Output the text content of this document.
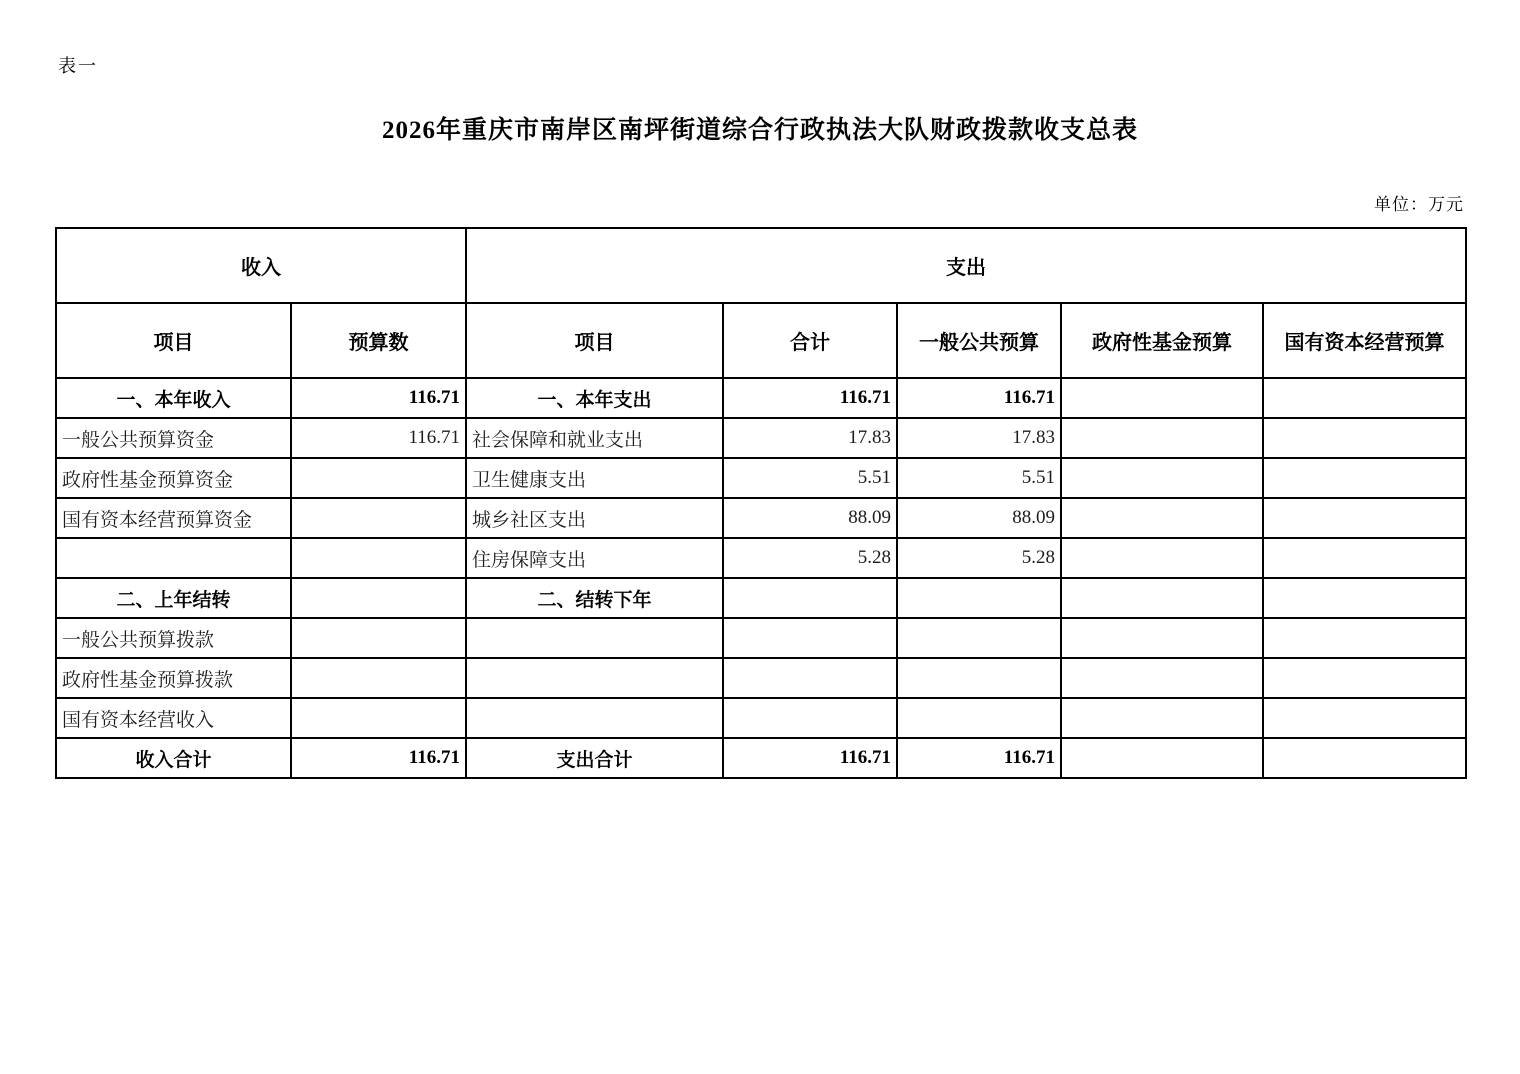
表一
2026年重庆市南岸区南坪街道综合行政执法大队财政拨款收支总表
单位：万元
收入		支出				
项目	预算数	项目	合计	一般公共预算	政府性基金预算	国有资本经营预算
一、本年收入	116.71	一、本年支出	116.71	116.71		
一般公共预算资金	116.71	社会保障和就业支出	17.83	17.83		
政府性基金预算资金		卫生健康支出	5.51	5.51		
国有资本经营预算资金		城乡社区支出	88.09	88.09		
		住房保障支出	5.28	5.28		
二、上年结转		二、结转下年				
一般公共预算拨款						
政府性基金预算拨款						
国有资本经营收入						
收入合计	116.71	支出合计	116.71	116.71		
